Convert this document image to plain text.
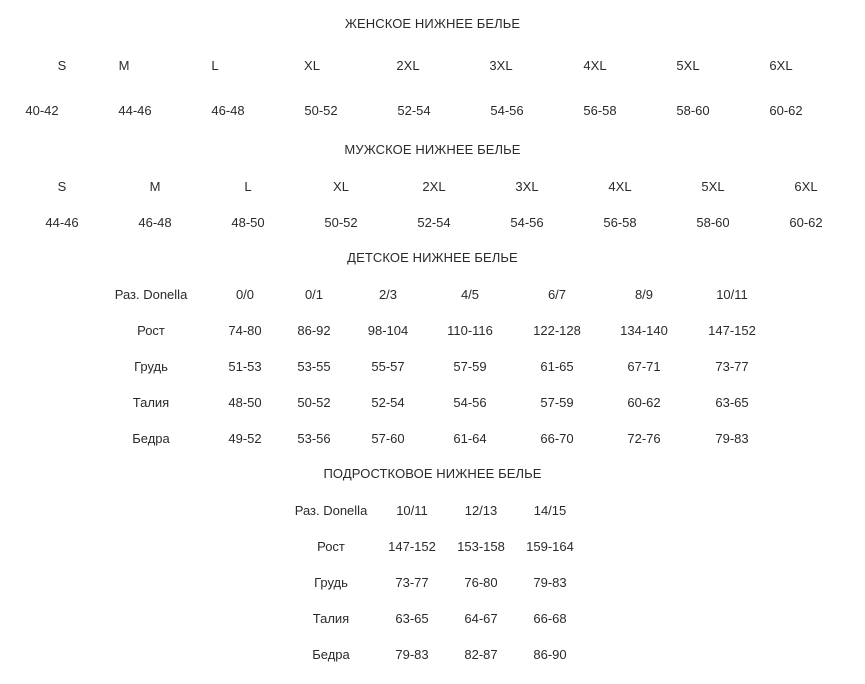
ЖЕНСКОЕ НИЖНЕЕ БЕЛЬЕ
S	M	L	XL	2XL	3XL	4XL	5XL	6XL
40-42	44-46	46-48	50-52	52-54	54-56	56-58	58-60	60-62
МУЖСКОЕ НИЖНЕЕ БЕЛЬЕ
S	M	L	XL	2XL	3XL	4XL	5XL	6XL
44-46	46-48	48-50	50-52	52-54	54-56	56-58	58-60	60-62
ДЕТСКОЕ НИЖНЕЕ БЕЛЬЕ
Раз. Donella	0/0	0/1	2/3	4/5	6/7	8/9	10/11
Рост	74-80	86-92	98-104	110-116	122-128	134-140	147-152
Грудь	51-53	53-55	55-57	57-59	61-65	67-71	73-77
Талия	48-50	50-52	52-54	54-56	57-59	60-62	63-65
Бедра	49-52	53-56	57-60	61-64	66-70	72-76	79-83
ПОДРОСТКОВОЕ НИЖНЕЕ БЕЛЬЕ
Раз. Donella	10/11	12/13	14/15
Рост	147-152	153-158	159-164
Грудь	73-77	76-80	79-83
Талия	63-65	64-67	66-68
Бедра	79-83	82-87	86-90
